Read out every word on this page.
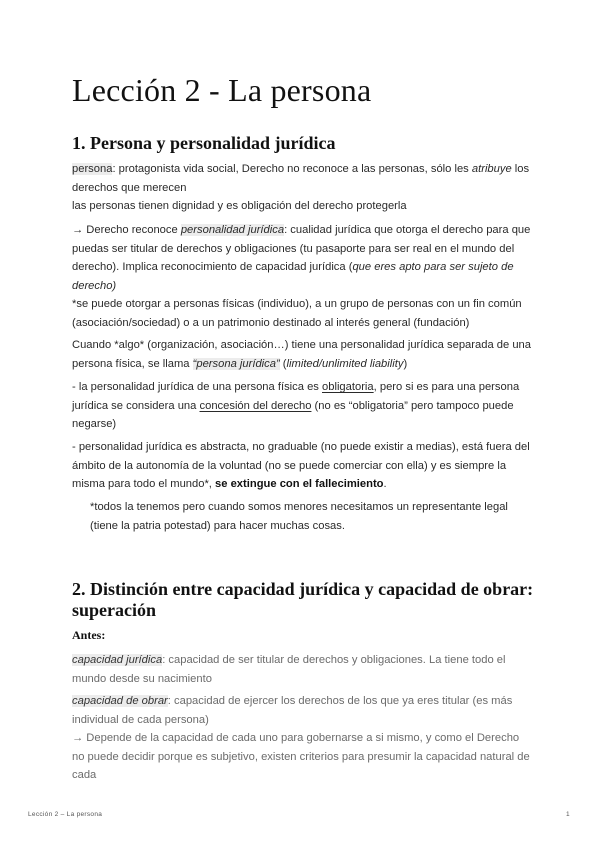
Lección 2 - La persona
1. Persona y personalidad jurídica

persona: protagonista vida social, Derecho no reconoce a las personas, sólo les atribuye los derechos que merecen

las personas tienen dignidad y es obligación del derecho protegerla

→ Derecho reconoce personalidad jurídica: cualidad jurídica que otorga el derecho para que puedas ser titular de derechos y obligaciones (tu pasaporte para ser real en el mundo del derecho). Implica reconocimiento de capacidad jurídica (que eres apto para ser sujeto de derecho)

*se puede otorgar a personas físicas (individuo), a un grupo de personas con un fin común (asociación/sociedad) o a un patrimonio destinado al interés general (fundación)

Cuando *algo* (organización, asociación…) tiene una personalidad jurídica separada de una persona física, se llama “persona jurídica” (limited/unlimited liability)

- la personalidad jurídica de una persona física es obligatoria, pero si es para una persona jurídica se considera una concesión del derecho (no es “obligatoria” pero tampoco puede negarse)

- personalidad jurídica es abstracta, no graduable (no puede existir a medias), está fuera del ámbito de la autonomía de la voluntad (no se puede comerciar con ella) y es siempre la misma para todo el mundo*, se extingue con el fallecimiento.

*todos la tenemos pero cuando somos menores necesitamos un representante legal (tiene la patria potestad) para hacer muchas cosas.

2. Distinción entre capacidad jurídica y capacidad de obrar: superación

Antes:

capacidad jurídica: capacidad de ser titular de derechos y obligaciones. La tiene todo el mundo desde su nacimiento

capacidad de obrar: capacidad de ejercer los derechos de los que ya eres titular (es más individual de cada persona)

→ Depende de la capacidad de cada uno para gobernarse a si mismo, y como el Derecho no puede decidir porque es subjetivo, existen criterios para presumir la capacidad natural de cada

Lección 2 – La persona	1
